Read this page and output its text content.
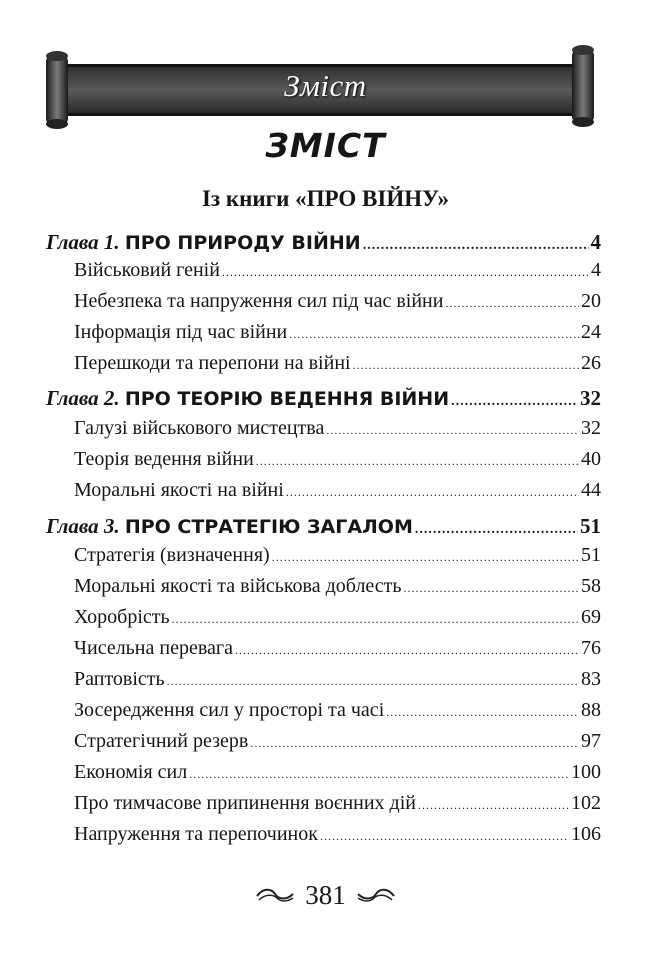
Зміст
ЗМІСТ
Із книги «ПРО ВІЙНУ»
Глава 1. ПРО ПРИРОДУ ВІЙНИ .....	4
Військовий геній .....	4
Небезпека та напруження сил під час війни .....	20
Інформація під час війни .....	24
Перешкоди та перепони на війні .....	26
Глава 2. ПРО ТЕОРІЮ ВЕДЕННЯ ВІЙНИ .....	32
Галузі військового мистецтва .....	32
Теорія ведення війни .....	40
Моральні якості на війні .....	44
Глава 3. ПРО СТРАТЕГІЮ ЗАГАЛОМ .....	51
Стратегія (визначення) .....	51
Моральні якості та військова доблесть .....	58
Хоробрість .....	69
Чисельна перевага .....	76
Раптовість .....	83
Зосередження сил у просторі та часі .....	88
Стратегічний резерв .....	97
Економія сил .....	100
Про тимчасове припинення воєнних дій .....	102
Напруження та перепочинок .....	106
381
